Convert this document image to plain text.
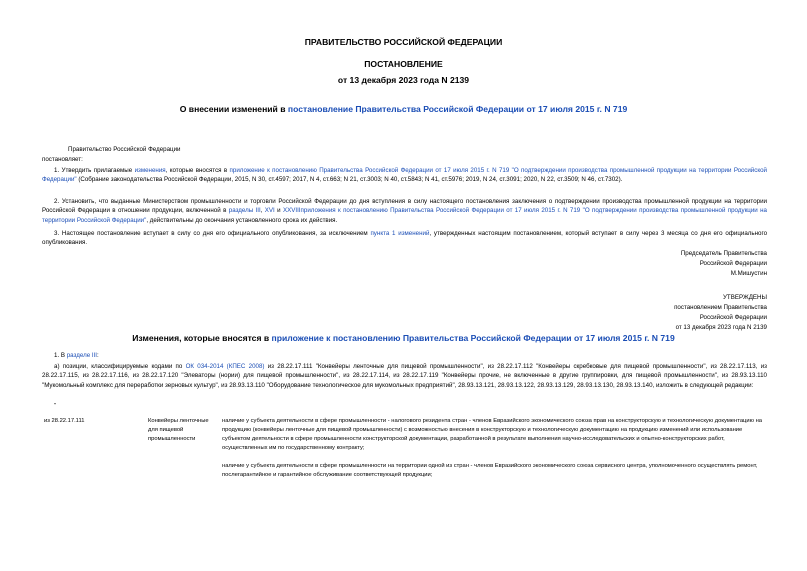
ПРАВИТЕЛЬСТВО РОССИЙСКОЙ ФЕДЕРАЦИИ
ПОСТАНОВЛЕНИЕ
от 13 декабря 2023 года N 2139
О внесении изменений в постановление Правительства Российской Федерации от 17 июля 2015 г. N 719
Правительство Российской Федерации
постановляет:
1. Утвердить прилагаемые изменения, которые вносятся в приложение к постановлению Правительства Российской Федерации от 17 июля 2015 г. N 719 "О подтверждении производства промышленной продукции на территории Российской Федерации" (Собрание законодательства Российской Федерации, 2015, N 30, ст.4597; 2017, N 4, ст.663; N 21, ст.3003; N 40, ст.5843; N 41, ст.5976; 2019, N 24, ст.3091; 2020, N 22, ст.3509; N 46, ст.7302).
2. Установить, что выданные Министерством промышленности и торговли Российской Федерации до дня вступления в силу настоящего постановления заключения о подтверждении производства промышленной продукции на территории Российской Федерации в отношении продукции, включенной в разделы III, XVI и XXVIIIприложения к постановлению Правительства Российской Федерации от 17 июля 2015 г. N 719 "О подтверждении производства промышленной продукции на территории Российской Федерации", действительны до окончания установленного срока их действия.
3. Настоящее постановление вступает в силу со дня его официального опубликования, за исключением пункта 1 изменений, утвержденных настоящим постановлением, который вступает в силу через 3 месяца со дня его официального опубликования.
Председатель Правительства
Российской Федерации
М.Мишустин
УТВЕРЖДЕНЫ
постановлением Правительства
Российской Федерации
от 13 декабря 2023 года N 2139
Изменения, которые вносятся в приложение к постановлению Правительства Российской Федерации от 17 июля 2015 г. N 719
1. В разделе III:
а) позиции, классифицируемые кодами по ОК 034-2014 (КПЕС 2008) из 28.22.17.111 "Конвейеры ленточные для пищевой промышленности", из 28.22.17.112 "Конвейеры скребковые для пищевой промышленности", из 28.22.17.113, из 28.22.17.115, из 28.22.17.116, из 28.22.17.120 "Элеваторы (нории) для пищевой промышленности", из 28.22.17.114, из 28.22.17.119 "Конвейеры прочие, не включенные в другие группировки, для пищевой промышленности", из 28.93.13.110 "Мукомольный комплекс для переработки зерновых культур", из 28.93.13.110 "Оборудование технологическое для мукомольных предприятий", 28.93.13.121, 28.93.13.122, 28.93.13.129, 28.93.13.130, 28.93.13.140, изложить в следующей редакции:
"
из 28.22.17.111	Конвейеры ленточные для пищевой промышленности
наличие у субъекта деятельности в сфере промышленности - налогового резидента стран - членов Евразийского экономического союза прав на конструкторскую и технологическую документацию на продукцию (конвейеры ленточные для пищевой промышленности) с возможностью внесения в конструкторскую и технологическую документацию на продукцию изменений или использование субъектом деятельности в сфере промышленности конструкторской документации, разработанной в результате выполнения научно-исследовательских и опытно-конструкторских работ, осуществленных им по государственному контракту;
наличие у субъекта деятельности в сфере промышленности на территории одной из стран - членов Евразийского экономического союза сервисного центра, уполномоченного осуществлять ремонт, послегарантийное и гарантийное обслуживание соответствующей продукции;
